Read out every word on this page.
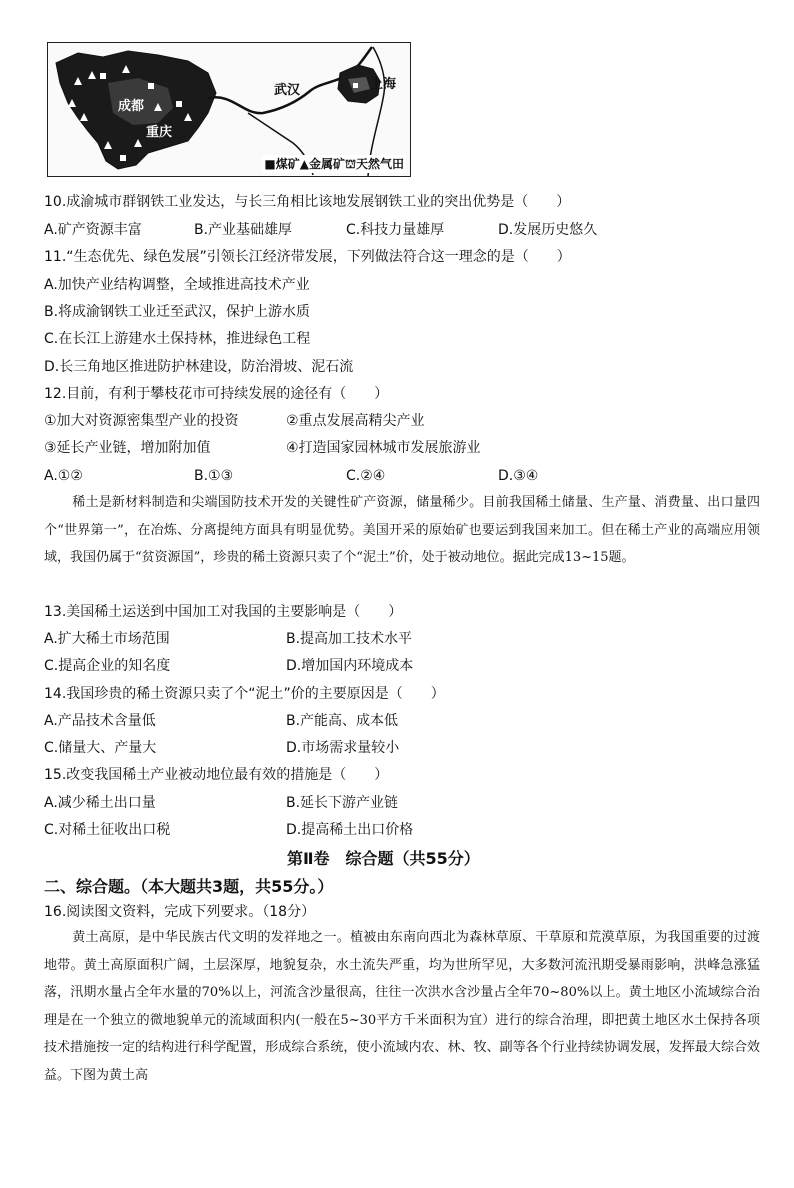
成都
重庆
武汉	上海
■煤矿▲金属矿⛫天然气田
10.成渝城市群钢铁工业发达，与长三角相比该地发展钢铁工业的突出优势是（　　）
A.矿产资源丰富	B.产业基础雄厚	C.科技力量雄厚	D.发展历史悠久
11.“生态优先、绿色发展”引领长江经济带发展，下列做法符合这一理念的是（　　）
A.加快产业结构调整，全域推进高技术产业
B.将成渝钢铁工业迁至武汉，保护上游水质
C.在长江上游建水土保持林，推进绿色工程
D.长三角地区推进防护林建设，防治滑坡、泥石流
12.目前，有利于攀枝花市可持续发展的途径有（　　）
①加大对资源密集型产业的投资	②重点发展高精尖产业
③延长产业链，增加附加值	④打造国家园林城市发展旅游业
A.①②	B.①③	C.②④	D.③④
稀土是新材料制造和尖端国防技术开发的关键性矿产资源，储量稀少。目前我国稀土储量、生产量、消费量、出口量四个“世界第一”，在冶炼、分离提纯方面具有明显优势。美国开采的原始矿也要运到我国来加工。但在稀土产业的高端应用领域，我国仍属于“贫资源国”，珍贵的稀土资源只卖了个“泥土”价，处于被动地位。据此完成13~15题。
13.美国稀土运送到中国加工对我国的主要影响是（　　）
A.扩大稀土市场范围	B.提高加工技术水平
C.提高企业的知名度	D.增加国内环境成本
14.我国珍贵的稀土资源只卖了个“泥土”价的主要原因是（　　）
A.产品技术含量低	B.产能高、成本低
C.储量大、产量大	D.市场需求量较小
15.改变我国稀土产业被动地位最有效的措施是（　　）
A.减少稀土出口量	B.延长下游产业链
C.对稀土征收出口税	D.提高稀土出口价格
第Ⅱ卷　综合题（共55分）
二、综合题。（本大题共3题，共55分。）
16.阅读图文资料，完成下列要求。（18分）
黄土高原，是中华民族古代文明的发祥地之一。植被由东南向西北为森林草原、干草原和荒漠草原，为我国重要的过渡地带。黄土高原面积广阔，土层深厚，地貌复杂，水土流失严重，均为世所罕见，大多数河流汛期受暴雨影响，洪峰急涨猛落，汛期水量占全年水量的70%以上，河流含沙量很高，往往一次洪水含沙量占全年70~80%以上。黄土地区小流域综合治理是在一个独立的微地貌单元的流域面积内(一般在5~30平方千米面积为宜）进行的综合治理，即把黄土地区水土保持各项技术措施按一定的结构进行科学配置，形成综合系统，使小流域内农、林、牧、副等各个行业持续协调发展，发挥最大综合效益。下图为黄土高
